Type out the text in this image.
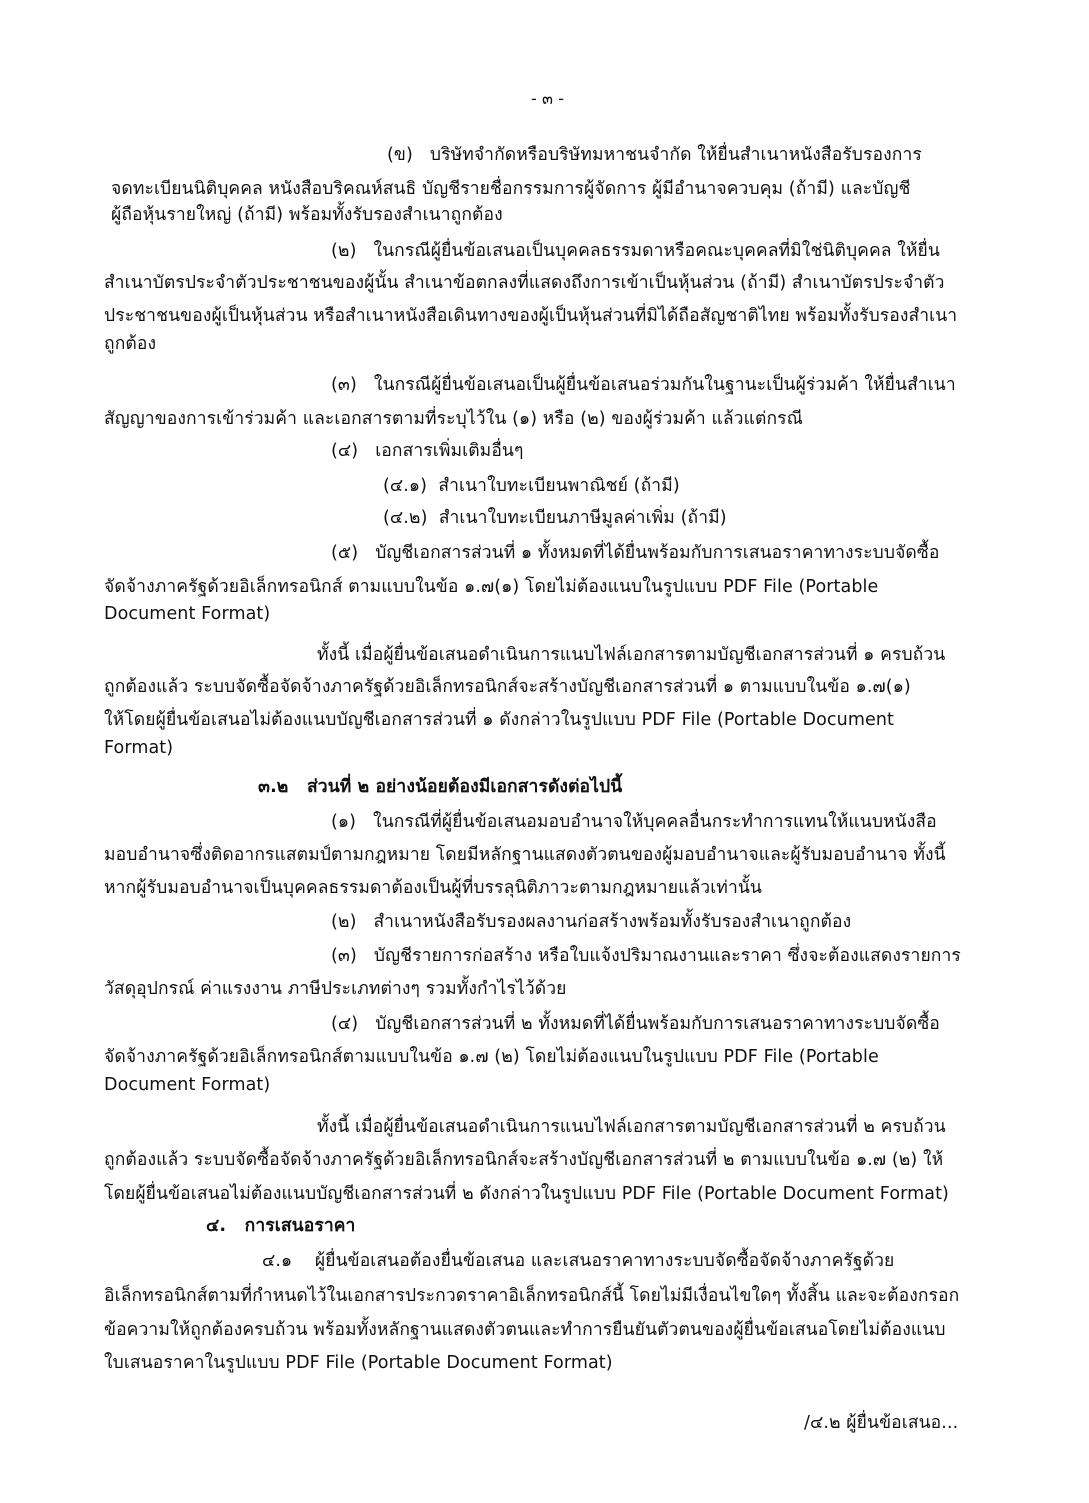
- ๓ -
(ข)   บริษัทจำกัดหรือบริษัทมหาชนจำกัด ให้ยื่นสำเนาหนังสือรับรองการ
จดทะเบียนนิติบุคคล หนังสือบริคณห์สนธิ บัญชีรายชื่อกรรมการผู้จัดการ ผู้มีอำนาจควบคุม (ถ้ามี) และบัญชี
ผู้ถือหุ้นรายใหญ่ (ถ้ามี) พร้อมทั้งรับรองสำเนาถูกต้อง
(๒)   ในกรณีผู้ยื่นข้อเสนอเป็นบุคคลธรรมดาหรือคณะบุคคลที่มิใช่นิติบุคคล ให้ยื่น
สำเนาบัตรประจำตัวประชาชนของผู้นั้น สำเนาข้อตกลงที่แสดงถึงการเข้าเป็นหุ้นส่วน (ถ้ามี) สำเนาบัตรประจำตัว
ประชาชนของผู้เป็นหุ้นส่วน หรือสำเนาหนังสือเดินทางของผู้เป็นหุ้นส่วนที่มิได้ถือสัญชาติไทย พร้อมทั้งรับรองสำเนา
ถูกต้อง
(๓)   ในกรณีผู้ยื่นข้อเสนอเป็นผู้ยื่นข้อเสนอร่วมกันในฐานะเป็นผู้ร่วมค้า ให้ยื่นสำเนา
สัญญาของการเข้าร่วมค้า และเอกสารตามที่ระบุไว้ใน (๑) หรือ (๒) ของผู้ร่วมค้า แล้วแต่กรณี
(๔)   เอกสารเพิ่มเติมอื่นๆ
(๔.๑)  สำเนาใบทะเบียนพาณิชย์ (ถ้ามี)
(๔.๒)  สำเนาใบทะเบียนภาษีมูลค่าเพิ่ม (ถ้ามี)
(๕)   บัญชีเอกสารส่วนที่ ๑ ทั้งหมดที่ได้ยื่นพร้อมกับการเสนอราคาทางระบบจัดซื้อ
จัดจ้างภาครัฐด้วยอิเล็กทรอนิกส์ ตามแบบในข้อ ๑.๗(๑) โดยไม่ต้องแนบในรูปแบบ PDF File (Portable
Document Format)
ทั้งนี้ เมื่อผู้ยื่นข้อเสนอดำเนินการแนบไฟล์เอกสารตามบัญชีเอกสารส่วนที่ ๑ ครบถ้วน
ถูกต้องแล้ว ระบบจัดซื้อจัดจ้างภาครัฐด้วยอิเล็กทรอนิกส์จะสร้างบัญชีเอกสารส่วนที่ ๑ ตามแบบในข้อ ๑.๗(๑)
ให้โดยผู้ยื่นข้อเสนอไม่ต้องแนบบัญชีเอกสารส่วนที่ ๑ ดังกล่าวในรูปแบบ PDF File (Portable Document
Format)
๓.๒   ส่วนที่ ๒ อย่างน้อยต้องมีเอกสารดังต่อไปนี้
(๑)   ในกรณีที่ผู้ยื่นข้อเสนอมอบอำนาจให้บุคคลอื่นกระทำการแทนให้แนบหนังสือ
มอบอำนาจซึ่งติดอากรแสตมป์ตามกฎหมาย โดยมีหลักฐานแสดงตัวตนของผู้มอบอำนาจและผู้รับมอบอำนาจ ทั้งนี้
หากผู้รับมอบอำนาจเป็นบุคคลธรรมดาต้องเป็นผู้ที่บรรลุนิติภาวะตามกฎหมายแล้วเท่านั้น
(๒)   สำเนาหนังสือรับรองผลงานก่อสร้างพร้อมทั้งรับรองสำเนาถูกต้อง
(๓)   บัญชีรายการก่อสร้าง หรือใบแจ้งปริมาณงานและราคา ซึ่งจะต้องแสดงรายการ
วัสดุอุปกรณ์ ค่าแรงงาน ภาษีประเภทต่างๆ รวมทั้งกำไรไว้ด้วย
(๔)   บัญชีเอกสารส่วนที่ ๒ ทั้งหมดที่ได้ยื่นพร้อมกับการเสนอราคาทางระบบจัดซื้อ
จัดจ้างภาครัฐด้วยอิเล็กทรอนิกส์ตามแบบในข้อ ๑.๗ (๒) โดยไม่ต้องแนบในรูปแบบ PDF File (Portable
Document Format)
ทั้งนี้ เมื่อผู้ยื่นข้อเสนอดำเนินการแนบไฟล์เอกสารตามบัญชีเอกสารส่วนที่ ๒ ครบถ้วน
ถูกต้องแล้ว ระบบจัดซื้อจัดจ้างภาครัฐด้วยอิเล็กทรอนิกส์จะสร้างบัญชีเอกสารส่วนที่ ๒ ตามแบบในข้อ ๑.๗ (๒) ให้
โดยผู้ยื่นข้อเสนอไม่ต้องแนบบัญชีเอกสารส่วนที่ ๒ ดังกล่าวในรูปแบบ PDF File (Portable Document Format)
๔.   การเสนอราคา
๔.๑    ผู้ยื่นข้อเสนอต้องยื่นข้อเสนอ และเสนอราคาทางระบบจัดซื้อจัดจ้างภาครัฐด้วย
อิเล็กทรอนิกส์ตามที่กำหนดไว้ในเอกสารประกวดราคาอิเล็กทรอนิกส์นี้ โดยไม่มีเงื่อนไขใดๆ ทั้งสิ้น และจะต้องกรอก
ข้อความให้ถูกต้องครบถ้วน พร้อมทั้งหลักฐานแสดงตัวตนและทำการยืนยันตัวตนของผู้ยื่นข้อเสนอโดยไม่ต้องแนบ
ใบเสนอราคาในรูปแบบ PDF File (Portable Document Format)
/๔.๒ ผู้ยื่นข้อเสนอ...
